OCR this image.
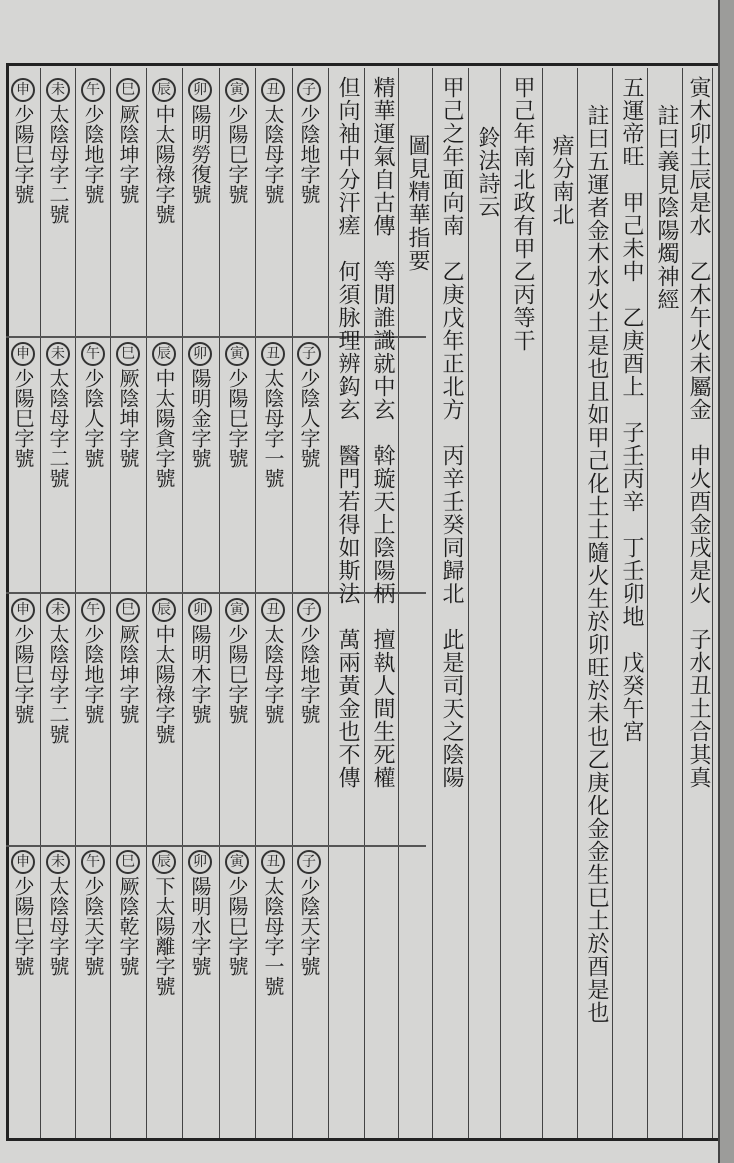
寅木卯土辰是水　乙木午火未屬金　申火酉金戌是火　子水丑土合其真
註曰義見陰陽燭神經
五運帝旺　甲己未中　乙庚酉上　子壬丙辛　丁壬卯地　戊癸午宮
註曰五運者金木水火土是也且如甲己化土土隨火生於卯旺於未也乙庚化金金生巳土於酉是也
瘖分南北
甲己年南北政有甲乙丙等干
鈴法詩云
甲己之年面向南　乙庚戊年正北方　丙辛壬癸同歸北　此是司天之陰陽
圖見精華指要
精華運氣自古傳　等閒誰識就中玄　斡璇天上陰陽柄　擅執人間生死權
但向袖中分汗瘥　何須脉理辨鈎玄　醫門若得如斯法　萬兩黃金也不傳
子
少陰地字號
丑
太陰母字號
寅
少陽巳字號
卯
陽明勞復號
辰
中太陽祿字號
巳
厥陰坤字號
午
少陰地字號
未
太陰母字二號
申
少陽巳字號
子
少陰人字號
丑
太陰母字一號
寅
少陽巳字號
卯
陽明金字號
辰
中太陽貪字號
巳
厥陰坤字號
午
少陰人字號
未
太陰母字二號
申
少陽巳字號
子
少陰地字號
丑
太陰母字號
寅
少陽巳字號
卯
陽明木字號
辰
中太陽祿字號
巳
厥陰坤字號
午
少陰地字號
未
太陰母字二號
申
少陽巳字號
子
少陰天字號
丑
太陰母字一號
寅
少陽巳字號
卯
陽明水字號
辰
下太陽離字號
巳
厥陰乾字號
午
少陰天字號
未
太陰母字號
申
少陽巳字號
